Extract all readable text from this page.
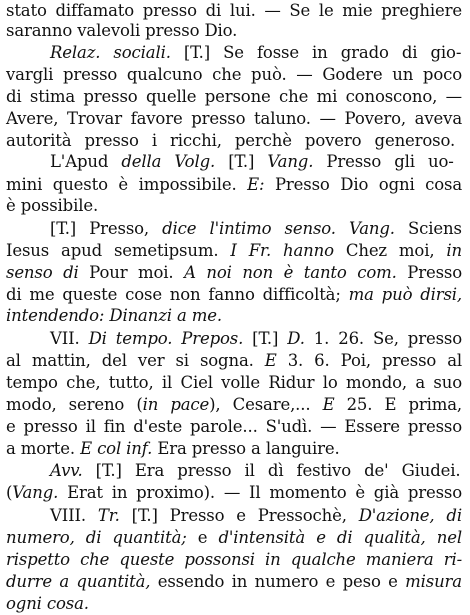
stato diffamato presso di lui. — Se le mie preghiere
saranno valevoli presso Dio.
Relaz. sociali. [T.] Se fosse in grado di gio-
vargli presso qualcuno che può. — Godere un poco
di stima presso quelle persone che mi conoscono, —
Avere, Trovar favore presso taluno. — Povero, aveva
autorità presso i ricchi, perchè povero generoso.
L'Apud della Volg. [T.] Vang. Presso gli uo-
mini questo è impossibile. E: Presso Dio ogni cosa
è possibile.
[T.] Presso, dice l'intimo senso. Vang. Sciens
Iesus apud semetipsum. I Fr. hanno Chez moi, in
senso di Pour moi. A noi non è tanto com. Presso
di me queste cose non fanno difficoltà; ma può dirsi,
intendendo: Dinanzi a me.
VII. Di tempo. Prepos. [T.] D. 1. 26. Se, presso
al mattin, del ver si sogna. E 3. 6. Poi, presso al
tempo che, tutto, il Ciel volle Ridur lo mondo, a suo
modo, sereno (in pace), Cesare,... E 25. E prima,
e presso il fin d'este parole... S'udì. — Essere presso
a morte. E col inf. Era presso a languire.
Avv. [T.] Era presso il dì festivo de' Giudei.
(Vang. Erat in proximo). — Il momento è già presso
VIII. Tr. [T.] Presso e Pressochè, D'azione, di
numero, di quantità; e d'intensità e di qualità, nel
rispetto che queste possonsi in qualche maniera ri-
durre a quantità, essendo in numero e peso e misura
ogni cosa.
